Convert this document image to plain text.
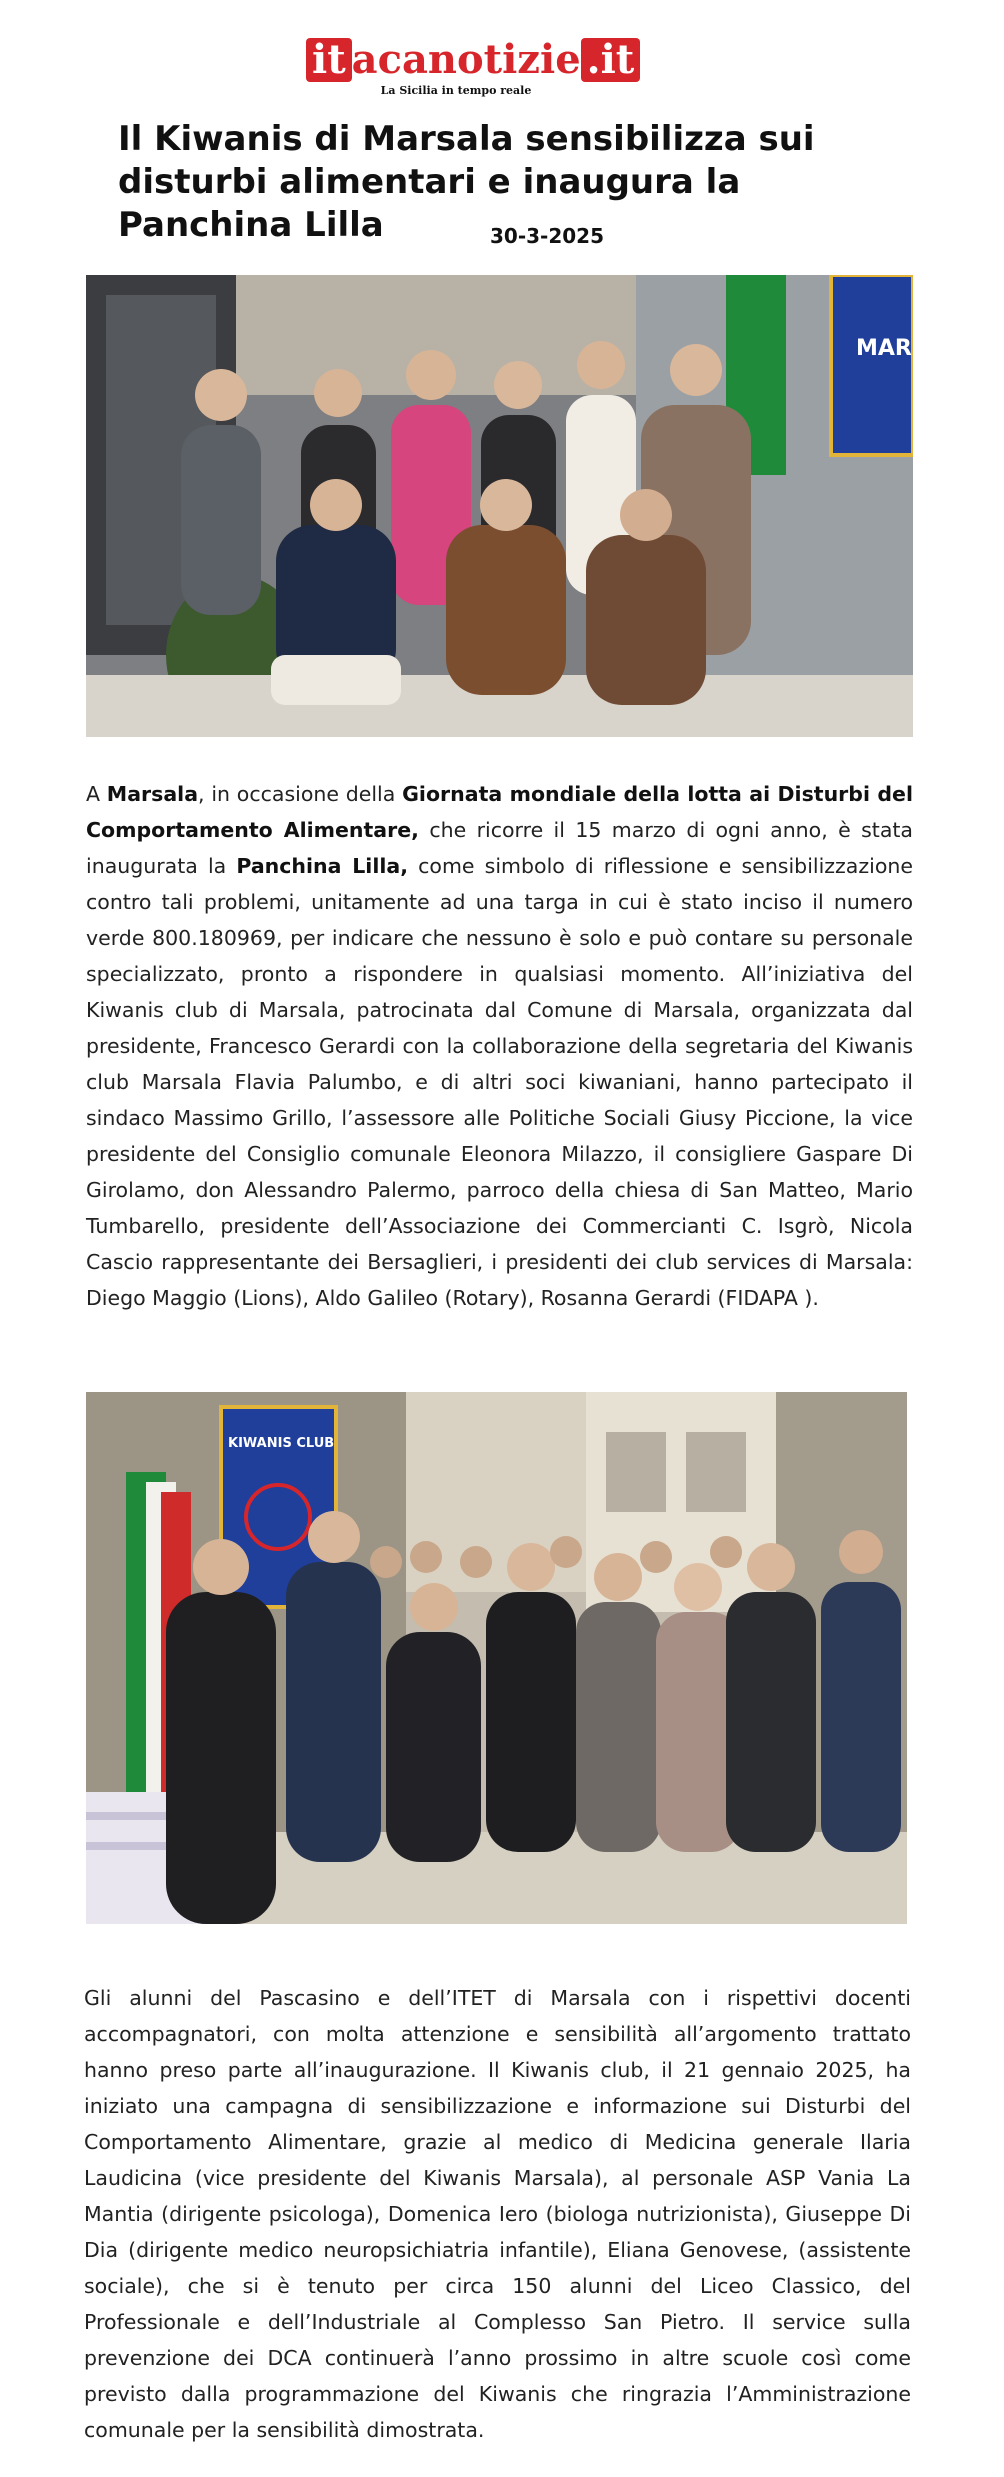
it acanotizie .it
La Sicilia in tempo reale
Il Kiwanis di Marsala sensibilizza sui disturbi alimentari e inaugura la Panchina Lilla	30-3-2025
MAR

A Marsala, in occasione della Giornata mondiale della lotta ai Disturbi del Comportamento Alimentare, che ricorre il 15 marzo di ogni anno, è stata inaugurata la Panchina Lilla, come simbolo di riflessione e sensibilizzazione contro tali problemi, unitamente ad una targa in cui è stato inciso il numero verde 800.180969, per indicare che nessuno è solo e può contare su personale specializzato, pronto a rispondere in qualsiasi momento. All’iniziativa del Kiwanis club di Marsala, patrocinata dal Comune di Marsala, organizzata dal presidente, Francesco Gerardi con la collaborazione della segretaria del Kiwanis club Marsala Flavia Palumbo, e di altri soci kiwaniani, hanno partecipato il sindaco Massimo Grillo, l’assessore alle Politiche Sociali Giusy Piccione, la vice presidente del Consiglio comunale Eleonora Milazzo, il consigliere Gaspare Di Girolamo, don Alessandro Palermo, parroco della chiesa di San Matteo, Mario Tumbarello, presidente dell’Associazione dei Commercianti C. Isgrò, Nicola Cascio rappresentante dei Bersaglieri, i presidenti dei club services di Marsala: Diego Maggio (Lions), Aldo Galileo (Rotary), Rosanna Gerardi (FIDAPA ).

KIWANIS CLUB

Gli alunni del Pascasino e dell’ITET di Marsala con i rispettivi docenti accompagnatori, con molta attenzione e sensibilità all’argomento trattato hanno preso parte all’inaugurazione. Il Kiwanis club, il 21 gennaio 2025, ha iniziato una campagna di sensibilizzazione e informazione sui Disturbi del Comportamento Alimentare, grazie al medico di Medicina generale Ilaria Laudicina (vice presidente del Kiwanis Marsala), al personale ASP Vania La Mantia (dirigente psicologa), Domenica Iero (biologa nutrizionista), Giuseppe Di Dia (dirigente medico neuropsichiatria infantile), Eliana Genovese, (assistente sociale), che si è tenuto per circa 150 alunni del Liceo Classico, del Professionale e dell’Industriale al Complesso San Pietro. Il service sulla prevenzione dei DCA continuerà l’anno prossimo in altre scuole così come previsto dalla programmazione del Kiwanis che ringrazia l’Amministrazione comunale per la sensibilità dimostrata.
